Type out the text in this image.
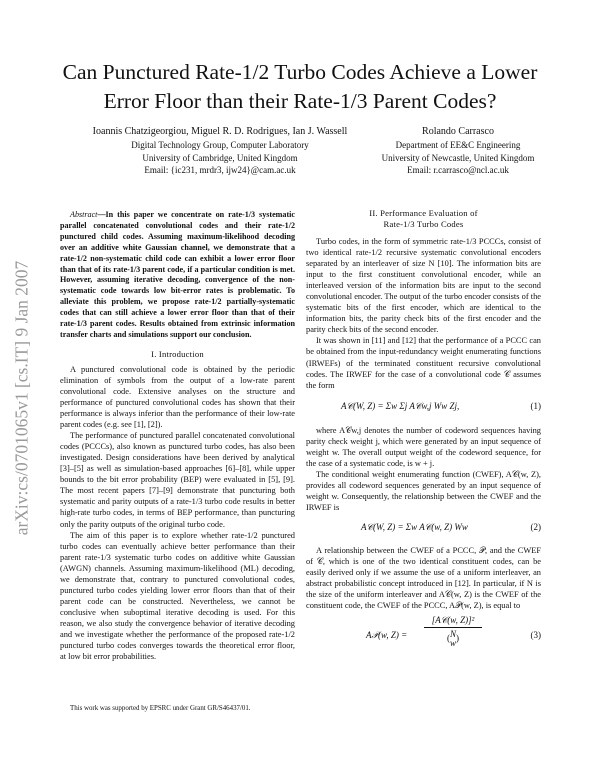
Can Punctured Rate-1/2 Turbo Codes Achieve a Lower Error Floor than their Rate-1/3 Parent Codes?
Ioannis Chatzigeorgiou, Miguel R. D. Rodrigues, Ian J. Wassell
Digital Technology Group, Computer Laboratory
University of Cambridge, United Kingdom
Email: {ic231, mrdr3, ijw24}@cam.ac.uk
Rolando Carrasco
Department of EE&C Engineering
University of Newcastle, United Kingdom
Email: r.carrasco@ncl.ac.uk
arXiv:cs/0701065v1 [cs.IT] 9 Jan 2007
Abstract—In this paper we concentrate on rate-1/3 systematic parallel concatenated convolutional codes and their rate-1/2 punctured child codes. Assuming maximum-likelihood decoding over an additive white Gaussian channel, we demonstrate that a rate-1/2 non-systematic child code can exhibit a lower error floor than that of its rate-1/3 parent code, if a particular condition is met. However, assuming iterative decoding, convergence of the non-systematic code towards low bit-error rates is problematic. To alleviate this problem, we propose rate-1/2 partially-systematic codes that can still achieve a lower error floor than that of their rate-1/3 parent codes. Results obtained from extrinsic information transfer charts and simulations support our conclusion.
I. Introduction

A punctured convolutional code is obtained by the periodic elimination of symbols from the output of a low-rate parent convolutional code. Extensive analyses on the structure and performance of punctured convolutional codes has shown that their performance is always inferior than the performance of their low-rate parent codes (e.g. see [1], [2]).

The performance of punctured parallel concatenated convolutional codes (PCCCs), also known as punctured turbo codes, has also been investigated. Design considerations have been derived by analytical [3]–[5] as well as simulation-based approaches [6]–[8], while upper bounds to the bit error probability (BEP) were evaluated in [5], [9]. The most recent papers [7]–[9] demonstrate that puncturing both systematic and parity outputs of a rate-1/3 turbo code results in better high-rate turbo codes, in terms of BEP performance, than puncturing only the parity outputs of the original turbo code.

The aim of this paper is to explore whether rate-1/2 punctured turbo codes can eventually achieve better performance than their parent rate-1/3 systematic turbo codes on additive white Gaussian (AWGN) channels. Assuming maximum-likelihood (ML) decoding, we demonstrate that, contrary to punctured convolutional codes, punctured turbo codes yielding lower error floors than that of their parent code can be constructed. Nevertheless, we cannot be conclusive when suboptimal iterative decoding is used. For this reason, we also study the convergence behavior of iterative decoding and we investigate whether the performance of the proposed rate-1/2 punctured turbo codes converges towards the theoretical error floor, at low bit error probabilities.

This work was supported by EPSRC under Grant GR/S46437/01.
II. Performance Evaluation of
Rate-1/3 Turbo Codes

Turbo codes, in the form of symmetric rate-1/3 PCCCs, consist of two identical rate-1/2 recursive systematic convolutional encoders separated by an interleaver of size N [10]. The information bits are input to the first constituent convolutional encoder, while an interleaved version of the information bits are input to the second convolutional encoder. The output of the turbo encoder consists of the systematic bits of the first encoder, which are identical to the information bits, the parity check bits of the first encoder and the parity check bits of the second encoder.

It was shown in [11] and [12] that the performance of a PCCC can be obtained from the input-redundancy weight enumerating functions (IRWEFs) of the terminated constituent recursive convolutional codes. The IRWEF for the case of a convolutional code 𝒞 assumes the form

A𝒞(W, Z) = Σw Σj A𝒞w,j Ww Zj,	(1)

where A𝒞w,j denotes the number of codeword sequences having parity check weight j, which were generated by an input sequence of weight w. The overall output weight of the codeword sequence, for the case of a systematic code, is w + j.

The conditional weight enumerating function (CWEF), A𝒞(w, Z), provides all codeword sequences generated by an input sequence of weight w. Consequently, the relationship between the CWEF and the IRWEF is

A𝒞(W, Z) = Σw A𝒞(w, Z) Ww	(2)

A relationship between the CWEF of a PCCC, 𝒫, and the CWEF of 𝒞, which is one of the two identical constituent codes, can be easily derived only if we assume the use of a uniform interleaver, an abstract probabilistic concept introduced in [12]. In particular, if N is the size of the uniform interleaver and A𝒞(w, Z) is the CWEF of the constituent code, the CWEF of the PCCC, A𝒫(w, Z), is equal to

A𝒫(w, Z) =
[A𝒞(w, Z)]²
( N
w )	(3)
